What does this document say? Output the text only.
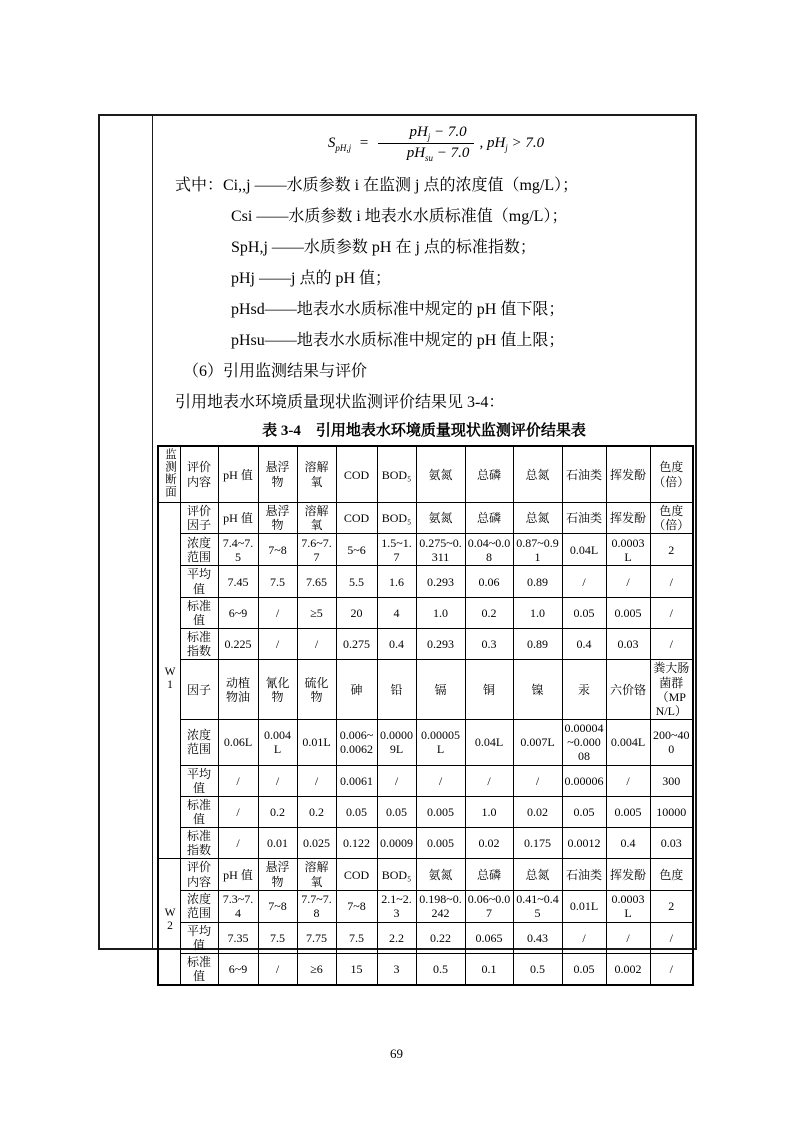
$S_{pH,j} = \frac{pH_j - 7.0}{pH_{su} - 7.0}$ , $pH_j > 7.0$
式中：Ci,,j ——水质参数 i 在监测 j 点的浓度值（mg/L）；
Csi ——水质参数 i 地表水水质标准值（mg/L）；
SpH,j ——水质参数 pH 在 j 点的标准指数；
pHj ——j 点的 pH 值；
pHsd——地表水水质标准中规定的 pH 值下限；
pHsu——地表水水质标准中规定的 pH 值上限；
（6）引用监测结果与评价
引用地表水环境质量现状监测评价结果见 3-4：
表 3-4　引用地表水环境质量现状监测评价结果表
监测断面	评价内容	pH 值	悬浮物	溶解氧	COD	BOD₅	氨氮	总磷	总氮	石油类	挥发酚	色度（倍）
W1	评价因子	pH 值	悬浮物	溶解氧	COD	BOD₅	氨氮	总磷	总氮	石油类	挥发酚	色度（倍）
	浓度范围	7.4~7.5	7~8	7.6~7.7	5~6	1.5~1.7	0.275~0.311	0.04~0.08	0.87~0.91	0.04L	0.0003L	2
	平均值	7.45	7.5	7.65	5.5	1.6	0.293	0.06	0.89	/	/	/
	标准值	6~9	/	≥5	20	4	1.0	0.2	1.0	0.05	0.005	/
	标准指数	0.225	/	/	0.275	0.4	0.293	0.3	0.89	0.4	0.03	/
	因子	动植物油	氰化物	硫化物	砷	铅	镉	铜	镍	汞	六价铬	粪大肠菌群（MPN/L）
	浓度范围	0.06L	0.004L	0.01L	0.006~0.0062	0.00009L	0.00005L	0.04L	0.007L	0.00004~0.00008	0.004L	200~400
	平均值	/	/	/	0.0061	/	/	/	/	0.00006	/	300
	标准值	/	0.2	0.2	0.05	0.05	0.005	1.0	0.02	0.05	0.005	10000
	标准指数	/	0.01	0.025	0.122	0.0009	0.005	0.02	0.175	0.0012	0.4	0.03
W2	评价内容	pH 值	悬浮物	溶解氧	COD	BOD₅	氨氮	总磷	总氮	石油类	挥发酚	色度
	浓度范围	7.3~7.4	7~8	7.7~7.8	7~8	2.1~2.3	0.198~0.242	0.06~0.07	0.41~0.45	0.01L	0.0003L	2
	平均值	7.35	7.5	7.75	7.5	2.2	0.22	0.065	0.43	/	/	/
	标准值	6~9	/	≥6	15	3	0.5	0.1	0.5	0.05	0.002	/
69
